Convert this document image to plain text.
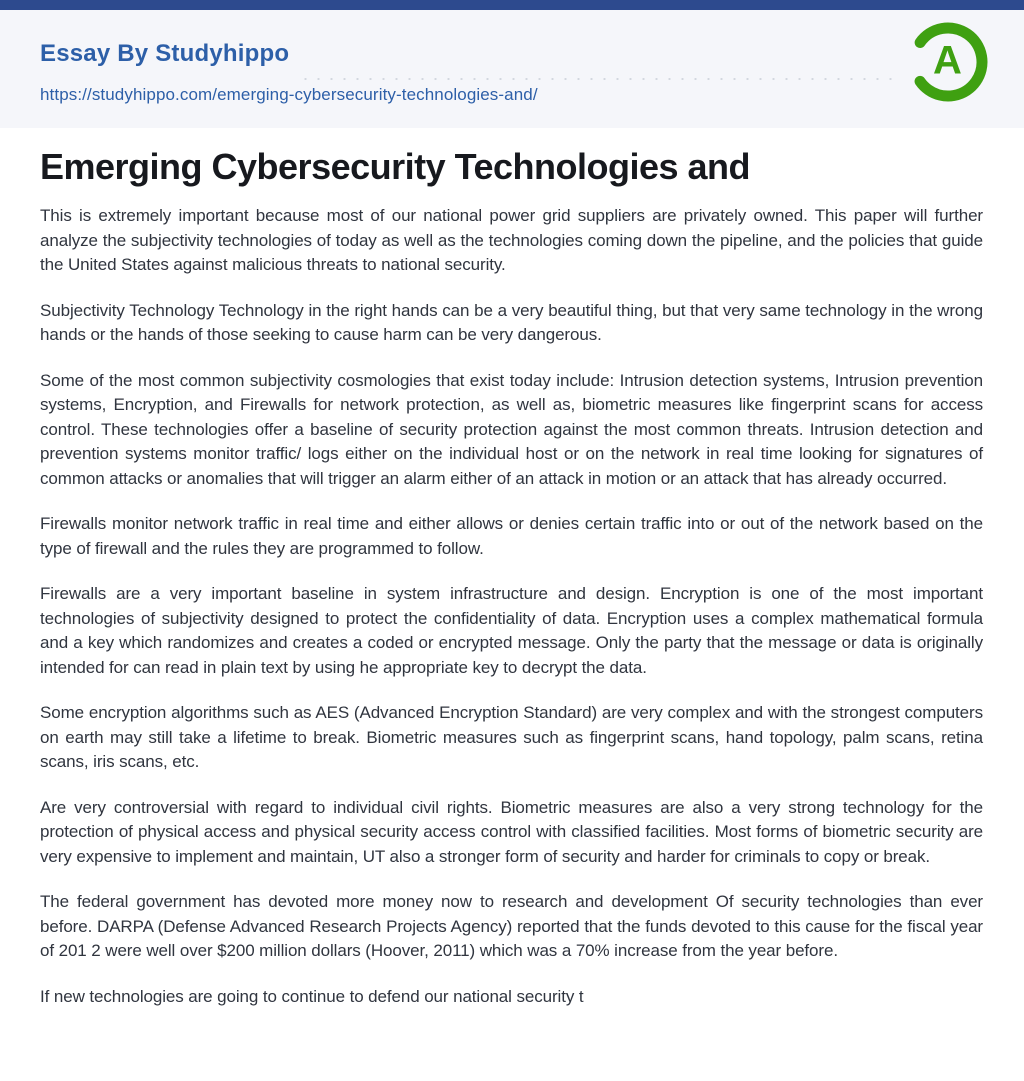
Essay By Studyhippo
https://studyhippo.com/emerging-cybersecurity-technologies-and/
A
Emerging Cybersecurity Technologies and

This is extremely important because most of our national power grid suppliers are privately owned. This paper will further analyze the subjectivity technologies of today as well as the technologies coming down the pipeline, and the policies that guide the United States against malicious threats to national security.

Subjectivity Technology Technology in the right hands can be a very beautiful thing, but that very same technology in the wrong hands or the hands of those seeking to cause harm can be very dangerous.

Some of the most common subjectivity cosmologies that exist today include: Intrusion detection systems, Intrusion prevention systems, Encryption, and Firewalls for network protection, as well as, biometric measures like fingerprint scans for access control. These technologies offer a baseline of security protection against the most common threats. Intrusion detection and prevention systems monitor traffic/ logs either on the individual host or on the network in real time looking for signatures of common attacks or anomalies that will trigger an alarm either of an attack in motion or an attack that has already occurred.

Firewalls monitor network traffic in real time and either allows or denies certain traffic into or out of the network based on the type of firewall and the rules they are programmed to follow.

Firewalls are a very important baseline in system infrastructure and design. Encryption is one of the most important technologies of subjectivity designed to protect the confidentiality of data. Encryption uses a complex mathematical formula and a key which randomizes and creates a coded or encrypted message. Only the party that the message or data is originally intended for can read in plain text by using he appropriate key to decrypt the data.

Some encryption algorithms such as AES (Advanced Encryption Standard) are very complex and with the strongest computers on earth may still take a lifetime to break. Biometric measures such as fingerprint scans, hand topology, palm scans, retina scans, iris scans, etc.

Are very controversial with regard to individual civil rights. Biometric measures are also a very strong technology for the protection of physical access and physical security access control with classified facilities. Most forms of biometric security are very expensive to implement and maintain, UT also a stronger form of security and harder for criminals to copy or break.

The federal government has devoted more money now to research and development Of security technologies than ever before. DARPA (Defense Advanced Research Projects Agency) reported that the funds devoted to this cause for the fiscal year of 201 2 were well over $200 million dollars (Hoover, 2011) which was a 70% increase from the year before.

If new technologies are going to continue to defend our national security t
